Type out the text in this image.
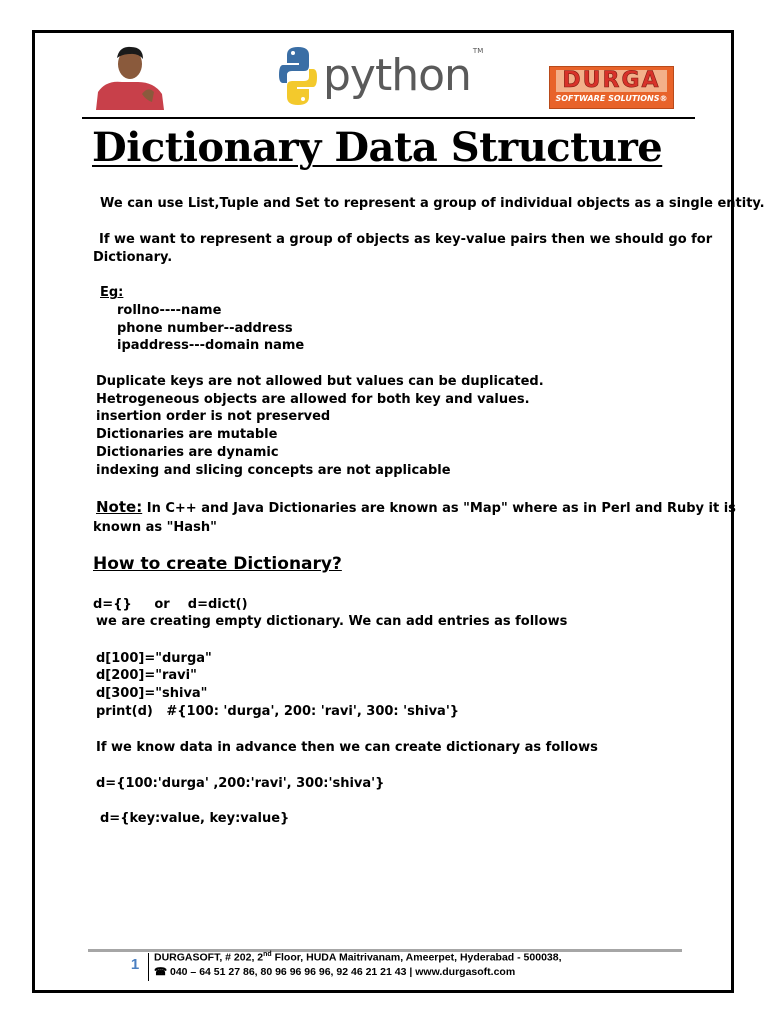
python TM
DURGA
SOFTWARE SOLUTIONS®
Dictionary Data Structure
We can use List,Tuple and Set to represent a group of individual objects as a single entity.
If we want to represent a group of objects as key-value pairs then we should go for
Dictionary.
Eg:
rollno----name
phone number--address
ipaddress---domain name
Duplicate keys are not allowed but values can be duplicated.
Hetrogeneous objects are allowed for both key and values.
insertion order is not preserved
Dictionaries are mutable
Dictionaries are dynamic
indexing and slicing concepts are not applicable
Note: In C++ and Java Dictionaries are known as "Map" where as in Perl and Ruby it is
known as "Hash"
How to create Dictionary?
d={}     or    d=dict()
we are creating empty dictionary. We can add entries as follows
d[100]="durga"
d[200]="ravi"
d[300]="shiva"
print(d)   #{100: 'durga', 200: 'ravi', 300: 'shiva'}
If we know data in advance then we can create dictionary as follows
d={100:'durga' ,200:'ravi', 300:'shiva'}
d={key:value, key:value}
1	DURGASOFT, # 202, 2nd Floor, HUDA Maitrivanam, Ameerpet, Hyderabad - 500038,
☎ 040 – 64 51 27 86, 80 96 96 96 96, 92 46 21 21 43 | www.durgasoft.com
